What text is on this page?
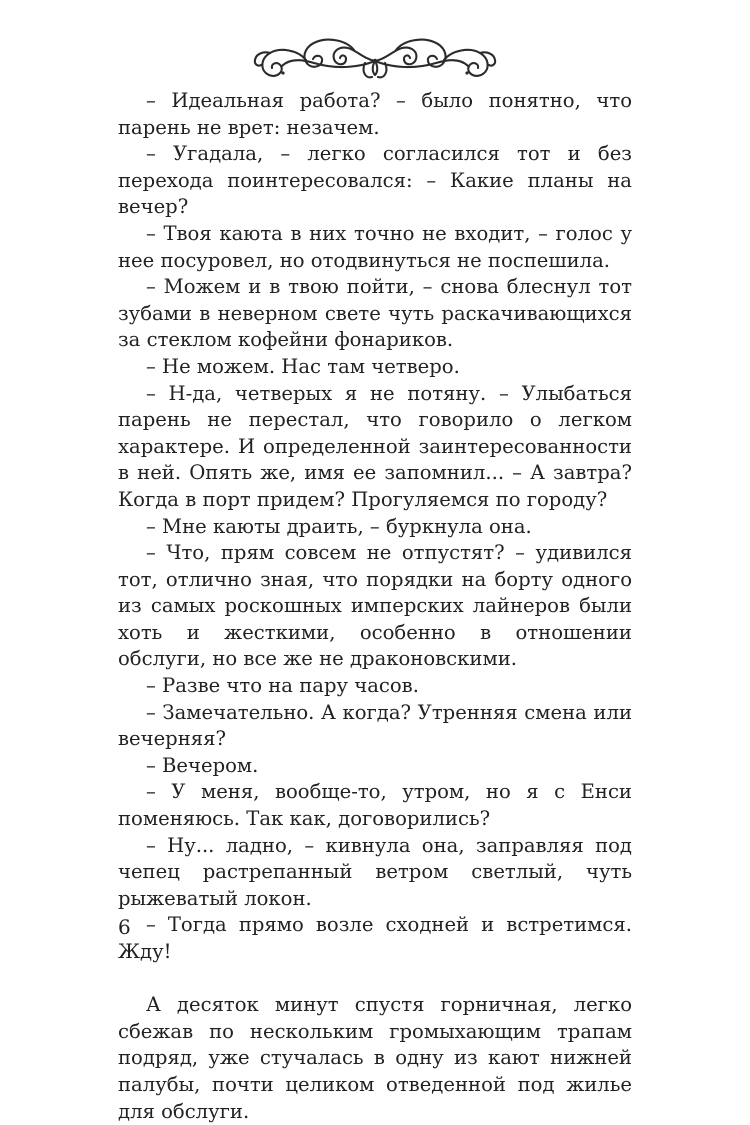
– Идеальная работа? – было понятно, что парень не врет: незачем.

– Угадала, – легко согласился тот и без перехода поинтересовался: – Какие планы на вечер?

– Твоя каюта в них точно не входит, – голос у нее посуровел, но отодвинуться не поспешила.

– Можем и в твою пойти, – снова блеснул тот зубами в неверном свете чуть раскачивающихся за стеклом кофейни фонариков.

– Не можем. Нас там четверо.

– Н-да, четверых я не потяну. – Улыбаться парень не перестал, что говорило о легком характере. И определенной заинтересованности в ней. Опять же, имя ее запомнил... – А завтра? Когда в порт придем? Прогуляемся по городу?

– Мне каюты драить, – буркнула она.

– Что, прям совсем не отпустят? – удивился тот, отлично зная, что порядки на борту одного из самых роскошных имперских лайнеров были хоть и жесткими, особенно в отношении обслуги, но все же не драконовскими.

– Разве что на пару часов.

– Замечательно. А когда? Утренняя смена или вечерняя?

– Вечером.

– У меня, вообще-то, утром, но я с Енси поменяюсь. Так как, договорились?

– Ну... ладно, – кивнула она, заправляя под чепец растрепанный ветром светлый, чуть рыжеватый локон.

– Тогда прямо возле сходней и встретимся. Жду!

А десяток минут спустя горничная, легко сбежав по нескольким громыхающим трапам подряд, уже стучалась в одну из кают нижней палубы, почти целиком отведенной под жилье для обслуги.

6
